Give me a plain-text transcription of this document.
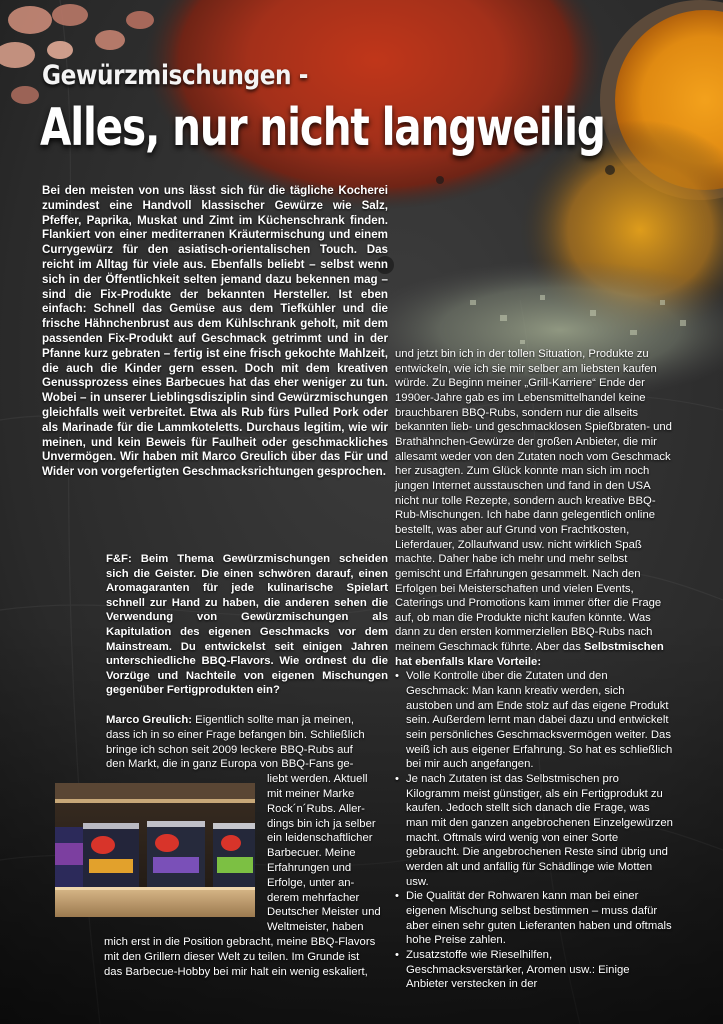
Gewürzmischungen -
Alles, nur nicht langweilig

Bei den meisten von uns lässt sich für die tägliche Kocherei zumindest eine Handvoll klassischer Gewürze wie Salz, Pfeffer, Paprika, Muskat und Zimt im Küchenschrank finden. Flankiert von einer mediterranen Kräutermischung und einem Currygewürz für den asiatisch-orientalischen Touch. Das reicht im Alltag für viele aus. Ebenfalls beliebt – selbst wenn sich in der Öffentlichkeit selten jemand dazu bekennen mag – sind die Fix-Produkte der bekannten Hersteller. Ist eben einfach: Schnell das Gemüse aus dem Tiefkühler und die frische Hähnchenbrust aus dem Kühlschrank geholt, mit dem passenden Fix-Produkt auf Geschmack getrimmt und in der Pfanne kurz gebraten – fertig ist eine frisch gekochte Mahlzeit, die auch die Kinder gern essen. Doch mit dem kreativen Genussprozess eines Barbecues hat das eher weniger zu tun. Wobei – in unserer Lieblingsdisziplin sind Gewürzmischungen gleichfalls weit verbreitet. Etwa als Rub fürs Pulled Pork oder als Marinade für die Lammkoteletts. Durchaus legitim, wie wir meinen, und kein Beweis für Faulheit oder geschmackliches Unvermögen. Wir haben mit Marco Greulich über das Für und Wider von vorgefertigten Geschmacksrichtungen gesprochen.

F&F: Beim Thema Gewürzmischungen scheiden sich die Geister. Die einen schwören darauf, einen Aromagaranten für jede kulinarische Spielart schnell zur Hand zu haben, die anderen sehen die Verwendung von Gewürzmischungen als Kapitulation des eigenen Geschmacks vor dem Mainstream. Du entwickelst seit einigen Jahren unterschiedliche BBQ-Flavors. Wie ordnest du die Vorzüge und Nachteile von eigenen Mischungen gegenüber Fertigprodukten ein?

Marco Greulich: Eigentlich sollte man ja meinen,
dass ich in so einer Frage befangen bin. Schließlich
bringe ich schon seit 2009 leckere BBQ-Rubs auf
den Markt, die in ganz Europa von BBQ-Fans ge-
liebt werden. Aktuell
mit meiner Marke
Rock´n´Rubs. Aller-
dings bin ich ja selber
ein leidenschaftlicher
Barbecuer. Meine
Erfahrungen und
Erfolge, unter an-
derem mehrfacher
Deutscher Meister und
Weltmeister, haben
mich erst in die Position gebracht, meine BBQ-Flavors
mit den Grillern dieser Welt zu teilen. Im Grunde ist
das Barbecue-Hobby bei mir halt ein wenig eskaliert,

und jetzt bin ich in der tollen Situation, Produkte zu entwickeln, wie ich sie mir selber am liebsten kaufen würde. Zu Beginn meiner „Grill-Karriere“ Ende der 1990er-Jahre gab es im Lebensmittelhandel keine brauchbaren BBQ-Rubs, sondern nur die allseits bekannten lieb- und geschmacklosen Spießbraten- und Brathähnchen-Gewürze der großen Anbieter, die mir allesamt weder von den Zutaten noch vom Geschmack her zusagten. Zum Glück konnte man sich im noch jungen Internet ausstauschen und fand in den USA nicht nur tolle Rezepte, sondern auch kreative BBQ-Rub-Mischungen. Ich habe dann gelegentlich online bestellt, was aber auf Grund von Frachtkosten, Lieferdauer, Zollaufwand usw. nicht wirklich Spaß machte. Daher habe ich mehr und mehr selbst gemischt und Erfahrungen gesammelt. Nach den Erfolgen bei Meisterschaften und vielen Events, Caterings und Promotions kam immer öfter die Frage auf, ob man die Produkte nicht kaufen könnte. Was dann zu den ersten kommerziellen BBQ-Rubs nach meinem Geschmack führte. Aber das Selbstmischen hat ebenfalls klare Vorteile:

• Volle Kontrolle über die Zutaten und den Geschmack: Man kann kreativ werden, sich austoben und am Ende stolz auf das eigene Produkt sein. Außerdem lernt man dabei dazu und entwickelt sein persönliches Geschmacksvermögen weiter. Das weiß ich aus eigener Erfahrung. So hat es schließlich bei mir auch angefangen.
• Je nach Zutaten ist das Selbstmischen pro Kilogramm meist günstiger, als ein Fertigprodukt zu kaufen. Jedoch stellt sich danach die Frage, was man mit den ganzen angebrochenen Einzelgewürzen macht. Oftmals wird wenig von einer Sorte gebraucht. Die angebrochenen Reste sind übrig und werden alt und anfällig für Schädlinge wie Motten usw.
• Die Qualität der Rohwaren kann man bei einer eigenen Mischung selbst bestimmen – muss dafür aber einen sehr guten Lieferanten haben und oftmals hohe Preise zahlen.
• Zusatzstoffe wie Rieselhilfen, Geschmacksverstärker, Aromen usw.: Einige Anbieter verstecken in der
